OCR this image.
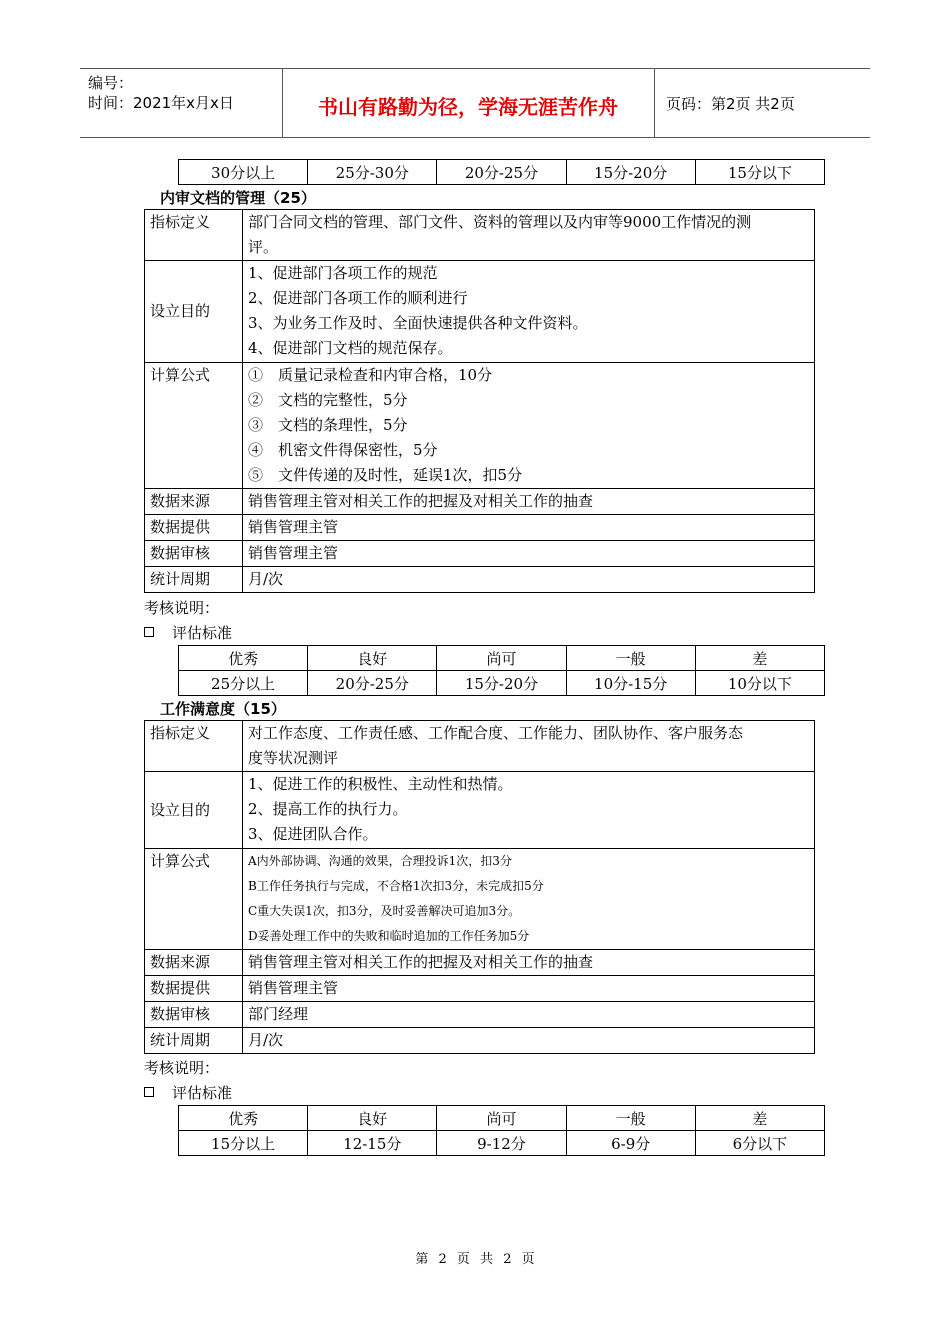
编号：
时间：2021年x月x日	书山有路勤为径，学海无涯苦作舟	页码：第2页 共2页
30分以上	25分-30分	20分-25分	15分-20分	15分以下
内审文档的管理（25）
指标定义	部门合同文档的管理、部门文件、资料的管理以及内审等9000工作情况的测
评。

设立目的	1、促进部门各项工作的规范
2、促进部门各项工作的顺利进行
3、为业务工作及时、全面快速提供各种文件资料。
4、促进部门文档的规范保存。

计算公式	①　质量记录检查和内审合格，10分
②　文档的完整性，5分
③　文档的条理性，5分
④　机密文件得保密性，5分
⑤　文件传递的及时性，延误1次，扣5分

数据来源	销售管理主管对相关工作的把握及对相关工作的抽查
数据提供	销售管理主管
数据审核	销售管理主管
统计周期	月/次
考核说明：
评估标准
优秀	良好	尚可	一般	差
25分以上	20分-25分	15分-20分	10分-15分	10分以下
工作满意度（15）
指标定义	对工作态度、工作责任感、工作配合度、工作能力、团队协作、客户服务态
度等状况测评

设立目的	1、促进工作的积极性、主动性和热情。
2、提高工作的执行力。
3、促进团队合作。

计算公式	A内外部协调、沟通的效果，合理投诉1次，扣3分
B工作任务执行与完成，不合格1次扣3分，未完成扣5分
C重大失误1次，扣3分，及时妥善解决可追加3分。
D妥善处理工作中的失败和临时追加的工作任务加5分

数据来源	销售管理主管对相关工作的把握及对相关工作的抽查
数据提供	销售管理主管
数据审核	部门经理
统计周期	月/次
考核说明：
评估标准
优秀	良好	尚可	一般	差
15分以上	12-15分	9-12分	6-9分	6分以下
第 2 页 共 2 页
